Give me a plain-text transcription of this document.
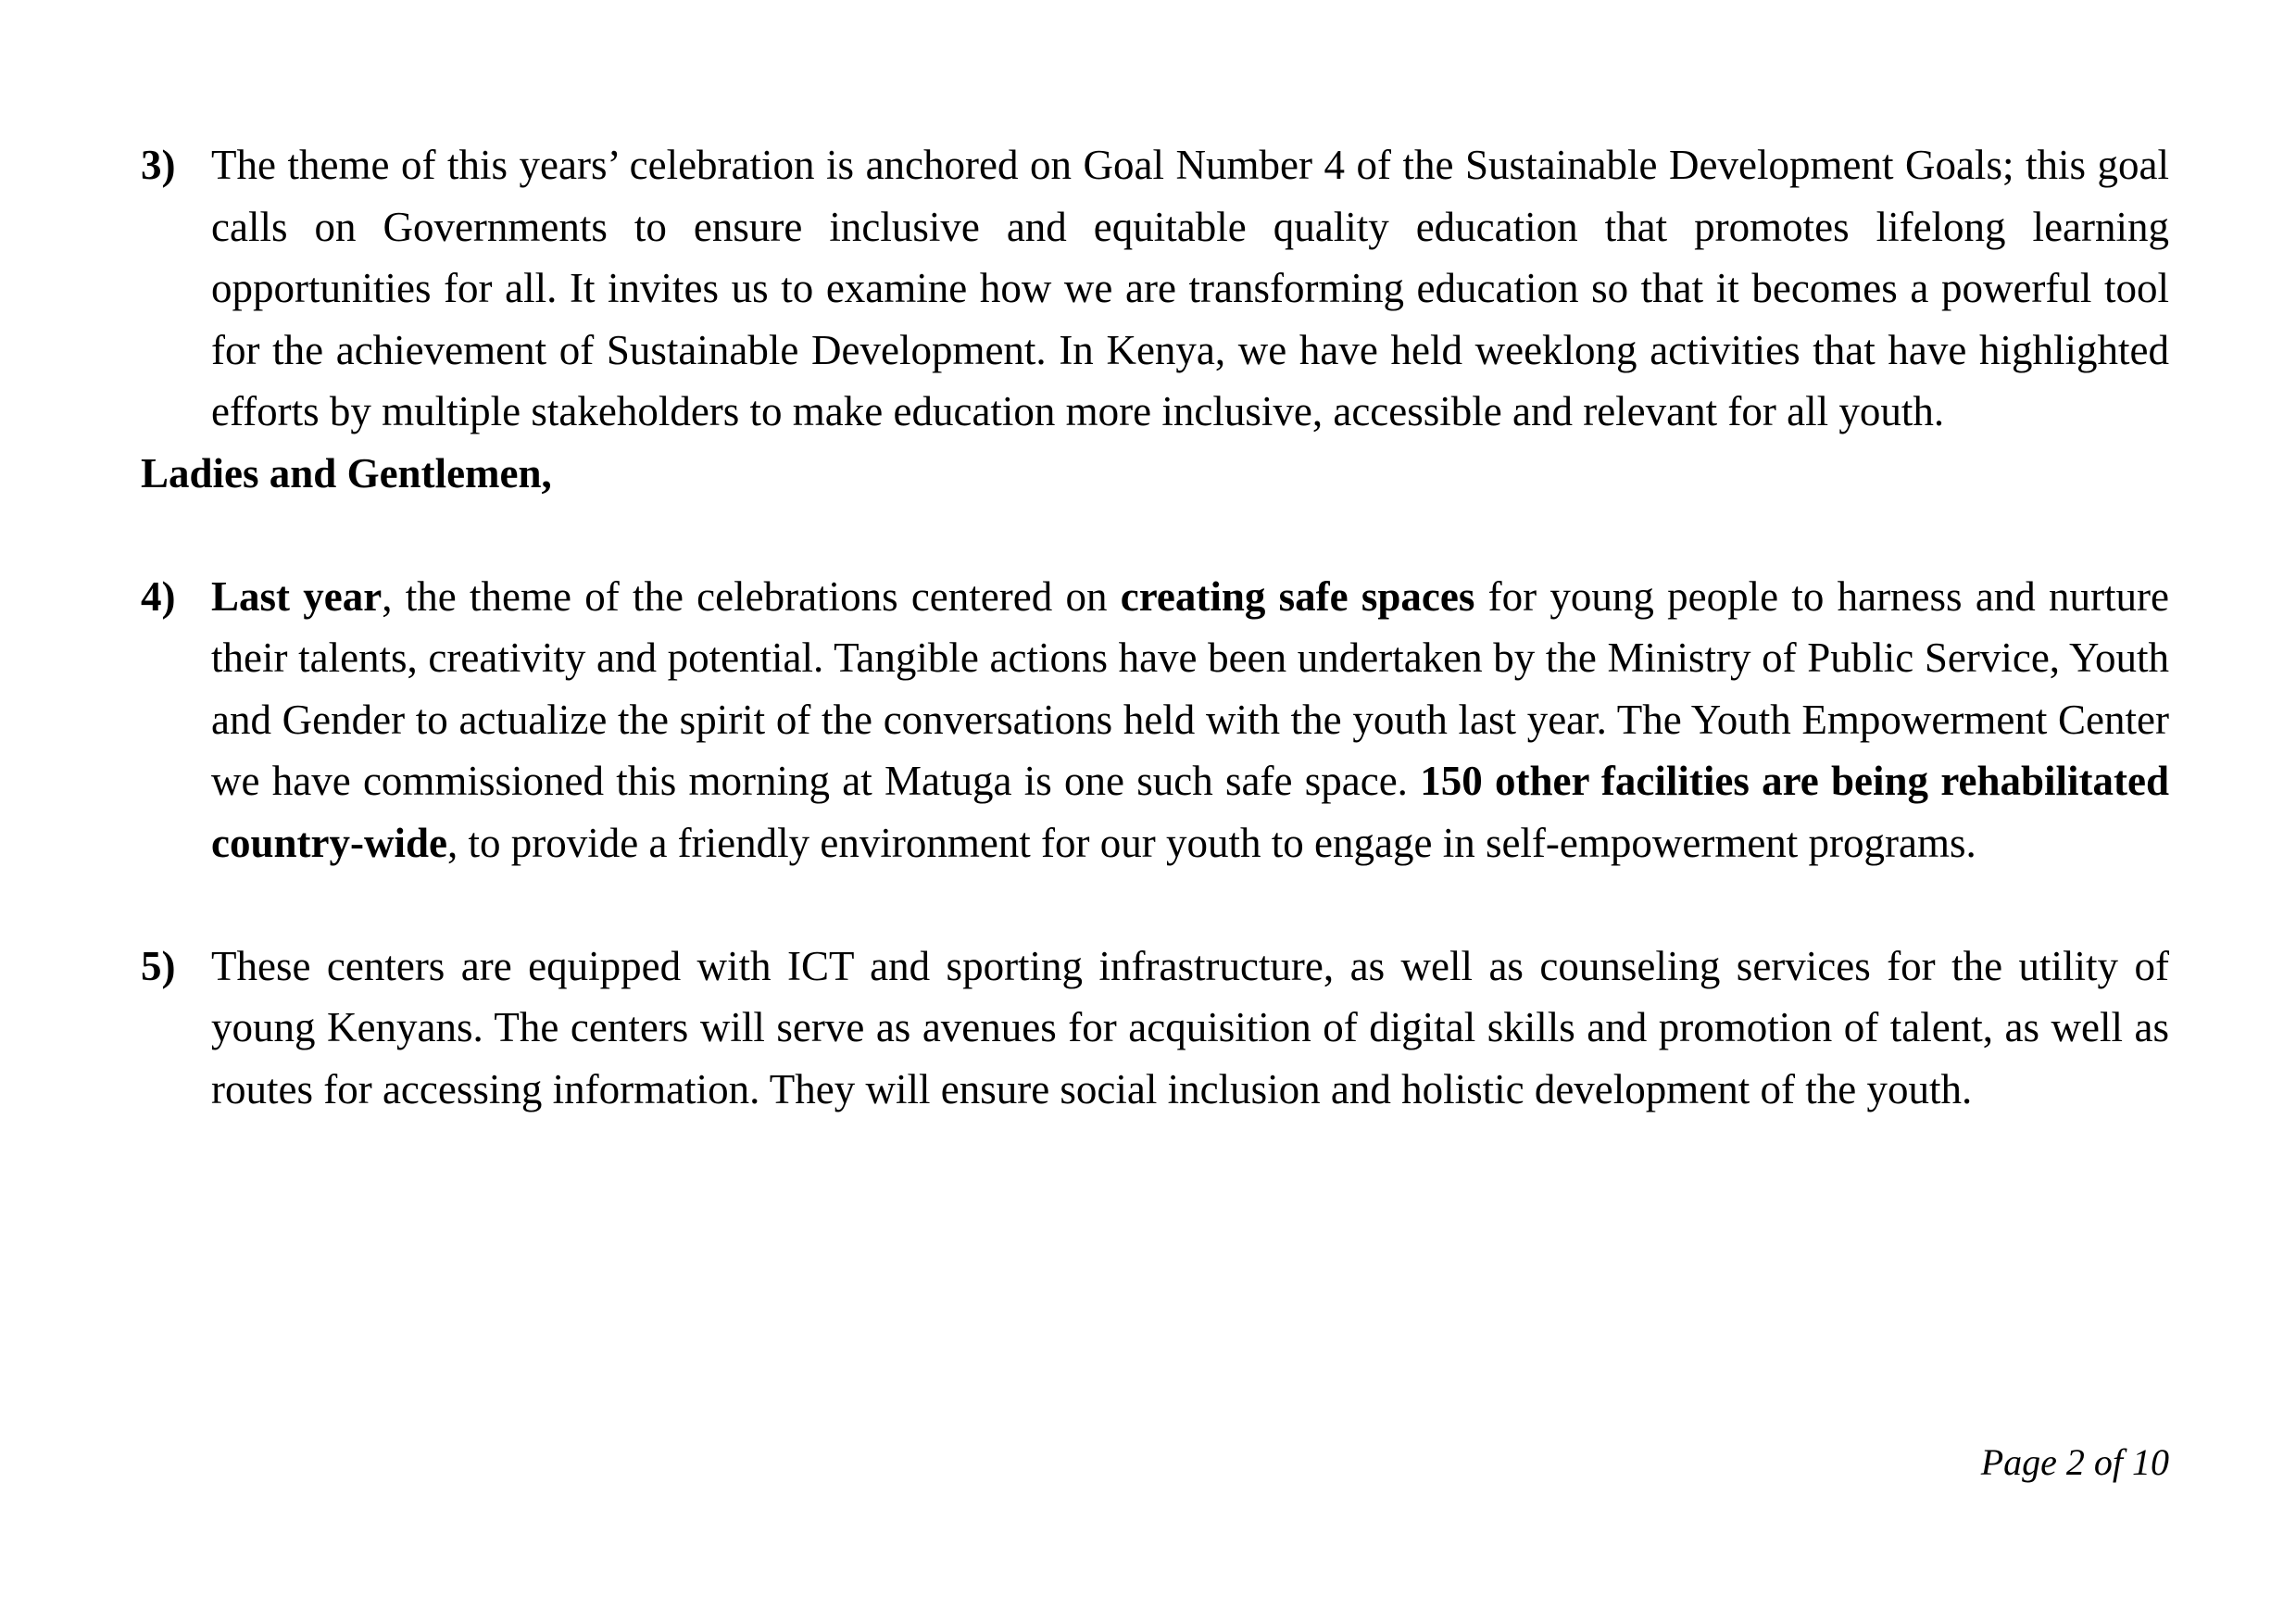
3) The theme of this years’ celebration is anchored on Goal Number 4 of the Sustainable Development Goals; this goal calls on Governments to ensure inclusive and equitable quality education that promotes lifelong learning opportunities for all. It invites us to examine how we are transforming education so that it becomes a powerful tool for the achievement of Sustainable Development. In Kenya, we have held weeklong activities that have highlighted efforts by multiple stakeholders to make education more inclusive, accessible and relevant for all youth.
Ladies and Gentlemen,
4) Last year, the theme of the celebrations centered on creating safe spaces for young people to harness and nurture their talents, creativity and potential. Tangible actions have been undertaken by the Ministry of Public Service, Youth and Gender to actualize the spirit of the conversations held with the youth last year. The Youth Empowerment Center we have commissioned this morning at Matuga is one such safe space. 150 other facilities are being rehabilitated country-wide, to provide a friendly environment for our youth to engage in self-empowerment programs.
5) These centers are equipped with ICT and sporting infrastructure, as well as counseling services for the utility of young Kenyans. The centers will serve as avenues for acquisition of digital skills and promotion of talent, as well as routes for accessing information. They will ensure social inclusion and holistic development of the youth.
Page 2 of 10
